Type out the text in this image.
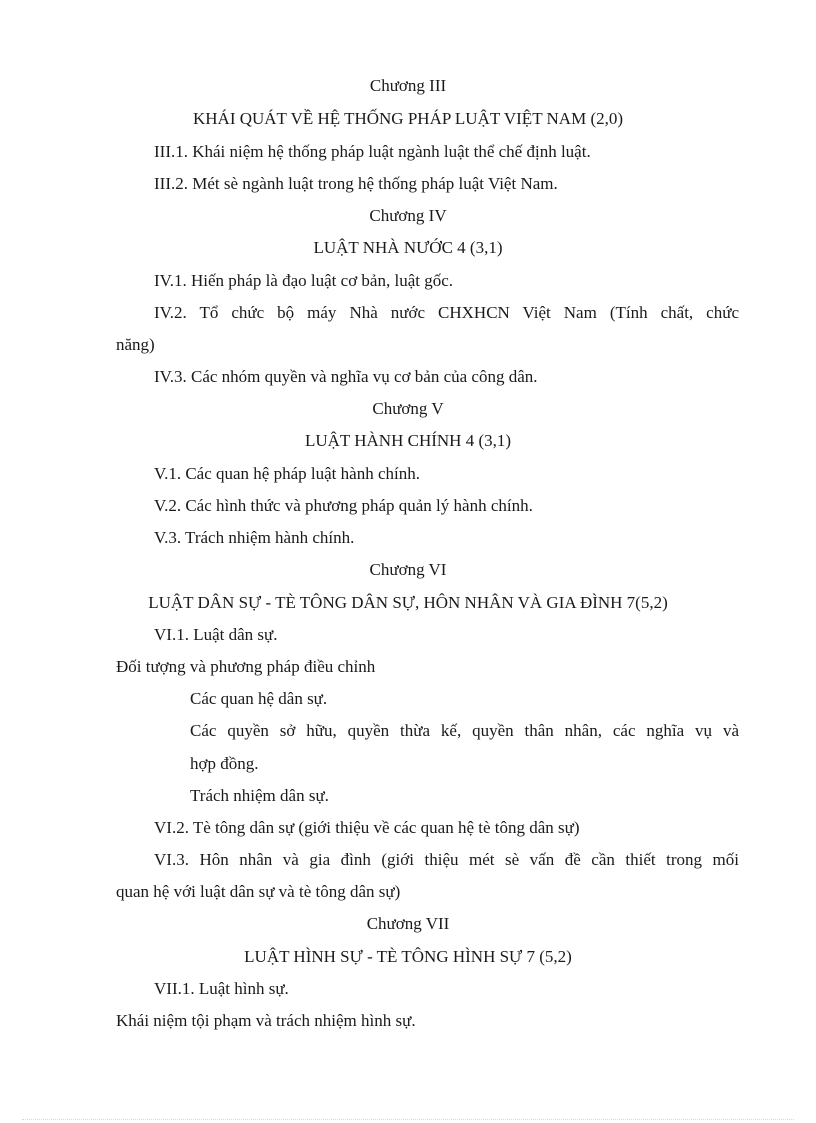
Chương III
KHÁI QUÁT VỀ HỆ THỐNG PHÁP LUẬT VIỆT NAM (2,0)
III.1. Khái niệm hệ thống pháp luật ngành luật thể chế định luật.
III.2. Mét sè ngành luật trong hệ thống pháp luật Việt Nam.
Chương IV
LUẬT NHÀ NƯỚC 4 (3,1)
IV.1. Hiến pháp là đạo luật cơ bản, luật gốc.
IV.2. Tổ chức bộ máy Nhà nước CHXHCN Việt Nam (Tính chất, chức
năng)
IV.3. Các nhóm quyền và nghĩa vụ cơ bản của công dân.
Chương V
LUẬT HÀNH CHÍNH 4 (3,1)
V.1. Các quan hệ pháp luật hành chính.
V.2. Các hình thức và phương pháp quản lý hành chính.
V.3. Trách nhiệm hành chính.
Chương VI
LUẬT DÂN SỰ - TÈ TÔNG DÂN SỰ, HÔN NHÂN VÀ GIA ĐÌNH 7(5,2)
VI.1. Luật dân sự.
Đối tượng và phương pháp điều chỉnh
Các quan hệ dân sự.
Các quyền sở hữu, quyền thừa kế, quyền thân nhân, các nghĩa vụ và
hợp đồng.
Trách nhiệm dân sự.
VI.2. Tè tông dân sự (giới thiệu về các quan hệ tè tông dân sự)
VI.3. Hôn nhân và gia đình (giới thiệu mét sè vấn đề cần thiết trong mối
quan hệ với luật dân sự và tè tông dân sự)
Chương VII
LUẬT HÌNH SỰ - TÈ TÔNG HÌNH SỰ 7 (5,2)
VII.1. Luật hình sự.
Khái niệm tội phạm và trách nhiệm hình sự.
